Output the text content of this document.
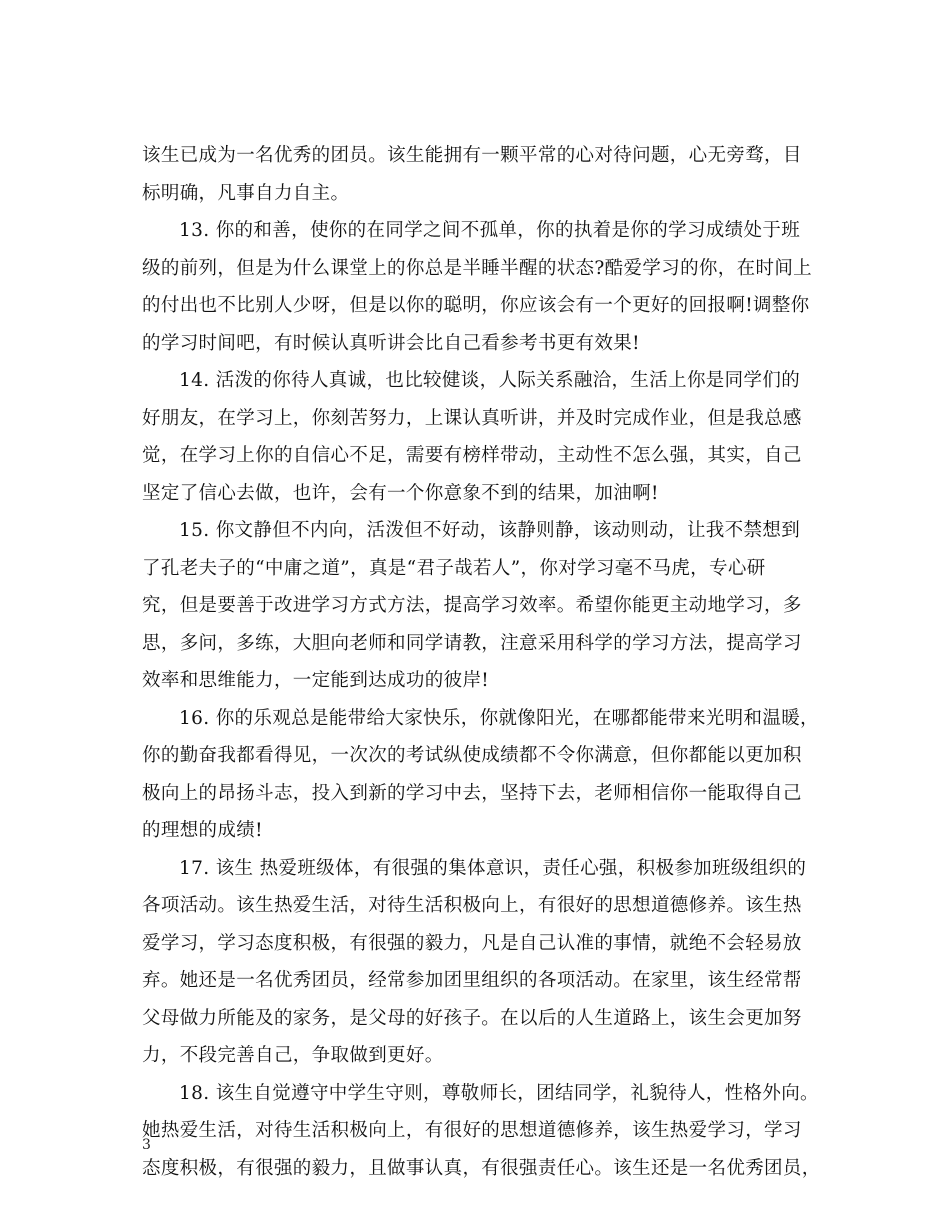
该生已成为一名优秀的团员。该生能拥有一颗平常的心对待问题，心无旁骛，目
标明确，凡事自力自主。
13. 你的和善，使你的在同学之间不孤单，你的执着是你的学习成绩处于班
级的前列，但是为什么课堂上的你总是半睡半醒的状态?酷爱学习的你，在时间上
的付出也不比别人少呀，但是以你的聪明，你应该会有一个更好的回报啊!调整你
的学习时间吧，有时候认真听讲会比自己看参考书更有效果!
14. 活泼的你待人真诚，也比较健谈，人际关系融洽，生活上你是同学们的
好朋友，在学习上，你刻苦努力，上课认真听讲，并及时完成作业，但是我总感
觉，在学习上你的自信心不足，需要有榜样带动，主动性不怎么强，其实，自己
坚定了信心去做，也许，会有一个你意象不到的结果，加油啊!
15. 你文静但不内向，活泼但不好动，该静则静，该动则动，让我不禁想到
了孔老夫子的“中庸之道”，真是“君子哉若人”，你对学习毫不马虎，专心研
究，但是要善于改进学习方式方法，提高学习效率。希望你能更主动地学习，多
思，多问，多练，大胆向老师和同学请教，注意采用科学的学习方法，提高学习
效率和思维能力，一定能到达成功的彼岸!
16. 你的乐观总是能带给大家快乐，你就像阳光，在哪都能带来光明和温暖，
你的勤奋我都看得见，一次次的考试纵使成绩都不令你满意，但你都能以更加积
极向上的昂扬斗志，投入到新的学习中去，坚持下去，老师相信你一能取得自己
的理想的成绩!
17. 该生 热爱班级体，有很强的集体意识，责任心强，积极参加班级组织的
各项活动。该生热爱生活，对待生活积极向上，有很好的思想道德修养。该生热
爱学习，学习态度积极，有很强的毅力，凡是自己认准的事情，就绝不会轻易放
弃。她还是一名优秀团员，经常参加团里组织的各项活动。在家里，该生经常帮
父母做力所能及的家务，是父母的好孩子。在以后的人生道路上，该生会更加努
力，不段完善自己，争取做到更好。
18. 该生自觉遵守中学生守则，尊敬师长，团结同学，礼貌待人，性格外向。
她热爱生活，对待生活积极向上，有很好的思想道德修养，该生热爱学习，学习
态度积极，有很强的毅力，且做事认真，有很强责任心。该生还是一名优秀团员，
3
